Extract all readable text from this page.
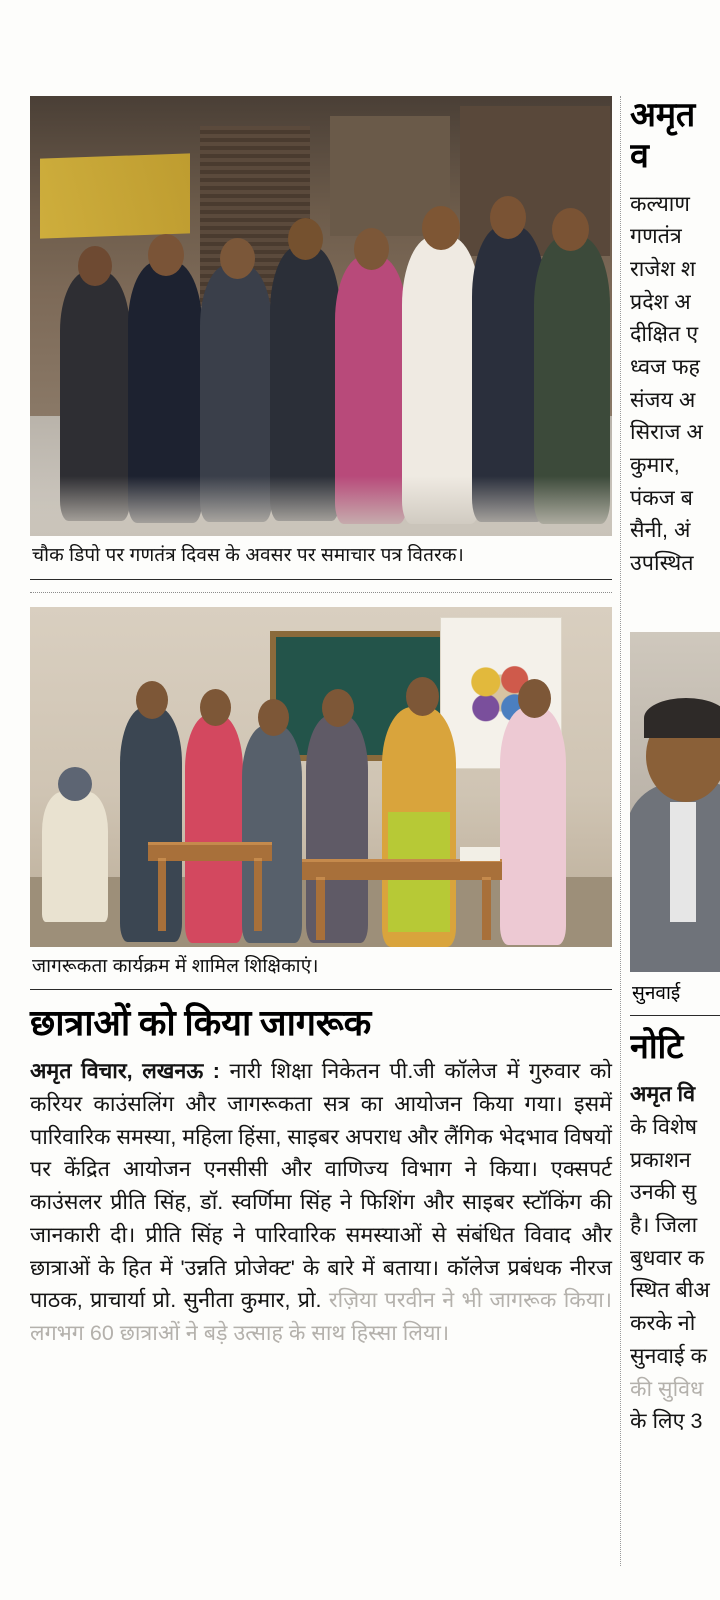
चौक डिपो पर गणतंत्र दिवस के अवसर पर समाचार पत्र वितरक।
जागरूकता कार्यक्रम में शामिल शिक्षिकाएं।
छात्राओं को किया जागरूक
अमृत विचार, लखनऊ : नारी शिक्षा निकेतन पी.जी कॉलेज में गुरुवार को करियर काउंसलिंग और जागरूकता सत्र का आयोजन किया गया। इसमें पारिवारिक समस्या, महिला हिंसा, साइबर अपराध और लैंगिक भेदभाव विषयों पर केंद्रित आयोजन एनसीसी और वाणिज्य विभाग ने किया। एक्सपर्ट काउंसलर प्रीति सिंह, डॉ. स्वर्णिमा सिंह ने फिशिंग और साइबर स्टॉकिंग की जानकारी दी। प्रीति सिंह ने पारिवारिक समस्याओं से संबंधित विवाद और छात्राओं के हित में 'उन्नति प्रोजेक्ट' के बारे में बताया। कॉलेज प्रबंधक नीरज पाठक, प्राचार्या प्रो. सुनीता कुमार, प्रो. रज़िया परवीन ने भी जागरूक किया। लगभग 60 छात्राओं ने बड़े उत्साह के साथ हिस्सा लिया।
अमृत व
कल्याण
गणतंत्र
राजेश श
प्रदेश अ
दीक्षित ए
ध्वज फह
संजय अ
सिराज अ
कुमार,
पंकज ब
सैनी, अं
उपस्थित
सुनवाई
नोटि
अमृत वि
के विशेष
प्रकाशन
उनकी सु
है। जिला
बुधवार क
स्थित बीअ
करके नो
सुनवाई क
की सुविध
के लिए 3
